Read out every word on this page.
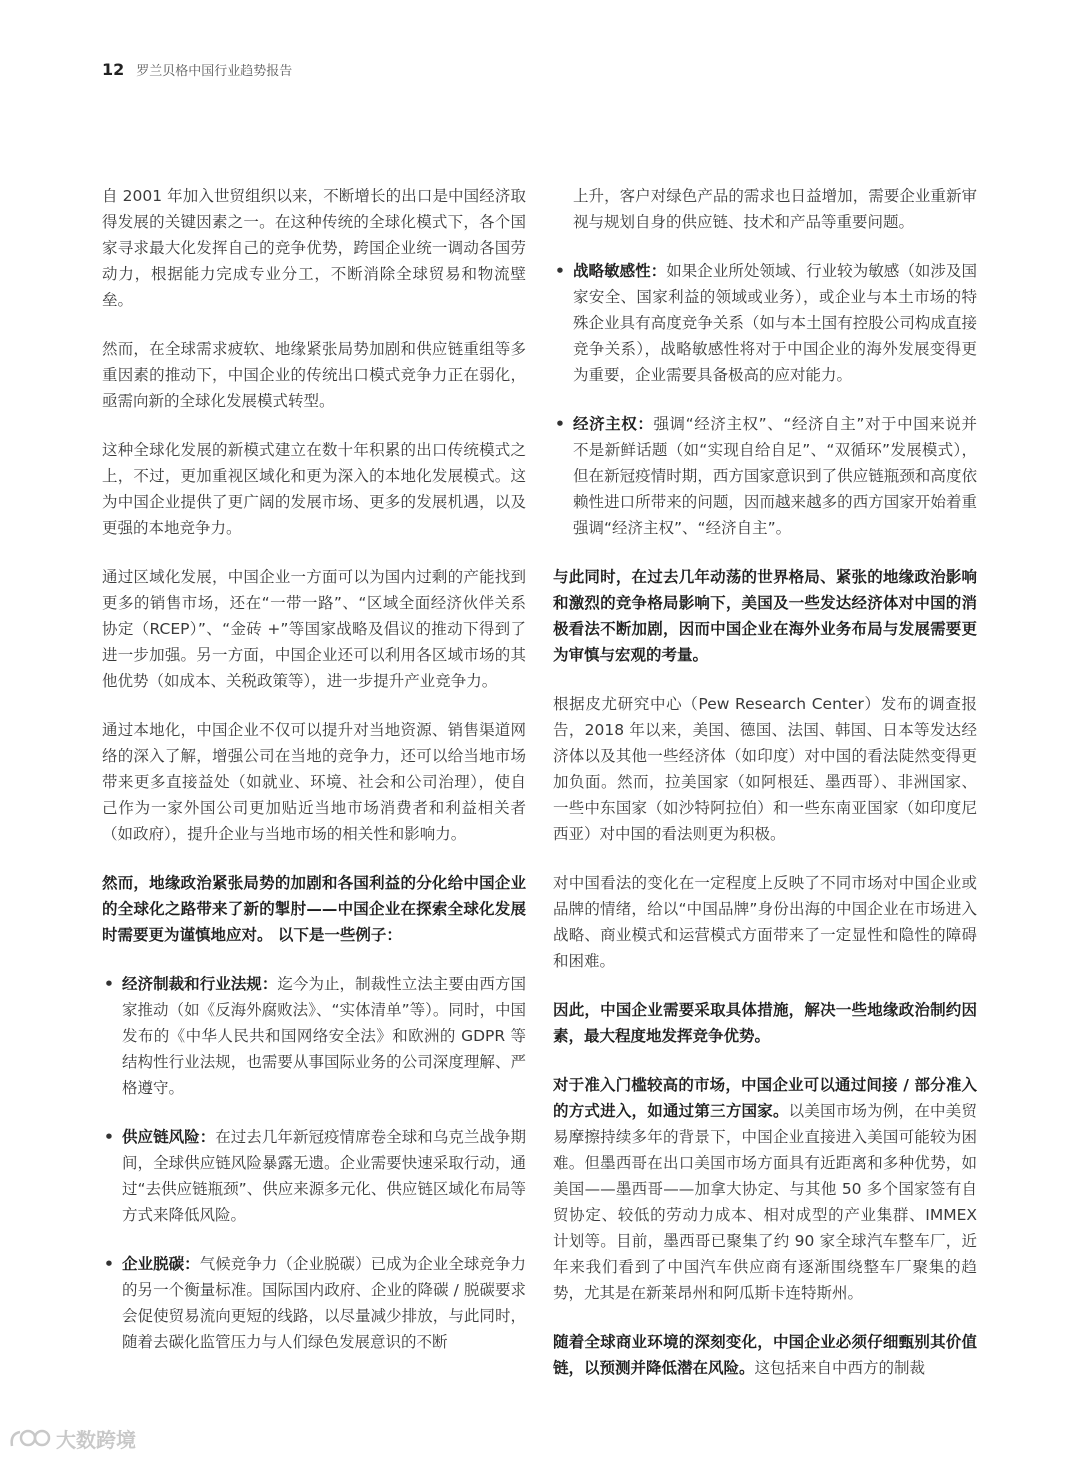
12 罗兰贝格中国行业趋势报告

自 2001 年加入世贸组织以来，不断增长的出口是中国经济取得发展的关键因素之一。在这种传统的全球化模式下，各个国家寻求最大化发挥自己的竞争优势，跨国企业统一调动各国劳动力，根据能力完成专业分工，不断消除全球贸易和物流壁垒。

然而，在全球需求疲软、地缘紧张局势加剧和供应链重组等多重因素的推动下，中国企业的传统出口模式竞争力正在弱化，亟需向新的全球化发展模式转型。

这种全球化发展的新模式建立在数十年积累的出口传统模式之上，不过，更加重视区域化和更为深入的本地化发展模式。这为中国企业提供了更广阔的发展市场、更多的发展机遇，以及更强的本地竞争力。

通过区域化发展，中国企业一方面可以为国内过剩的产能找到更多的销售市场，还在“一带一路”、“区域全面经济伙伴关系协定（RCEP）”、“金砖 +”等国家战略及倡议的推动下得到了进一步加强。另一方面，中国企业还可以利用各区域市场的其他优势（如成本、关税政策等），进一步提升产业竞争力。

通过本地化，中国企业不仅可以提升对当地资源、销售渠道网络的深入了解，增强公司在当地的竞争力，还可以给当地市场带来更多直接益处（如就业、环境、社会和公司治理），使自己作为一家外国公司更加贴近当地市场消费者和利益相关者（如政府），提升企业与当地市场的相关性和影响力。

然而，地缘政治紧张局势的加剧和各国利益的分化给中国企业的全球化之路带来了新的掣肘——中国企业在探索全球化发展时需要更为谨慎地应对。 以下是一些例子：

• 经济制裁和行业法规：迄今为止，制裁性立法主要由西方国家推动（如《反海外腐败法》、“实体清单”等）。同时，中国发布的《中华人民共和国网络安全法》和欧洲的 GDPR 等结构性行业法规，也需要从事国际业务的公司深度理解、严格遵守。
• 供应链风险：在过去几年新冠疫情席卷全球和乌克兰战争期间，全球供应链风险暴露无遗。企业需要快速采取行动，通过“去供应链瓶颈”、供应来源多元化、供应链区域化布局等方式来降低风险。
• 企业脱碳：气候竞争力（企业脱碳）已成为企业全球竞争力的另一个衡量标准。国际国内政府、企业的降碳 / 脱碳要求会促使贸易流向更短的线路，以尽量减少排放，与此同时，随着去碳化监管压力与人们绿色发展意识的不断

上升，客户对绿色产品的需求也日益增加，需要企业重新审视与规划自身的供应链、技术和产品等重要问题。

• 战略敏感性：如果企业所处领域、行业较为敏感（如涉及国家安全、国家利益的领域或业务），或企业与本土市场的特殊企业具有高度竞争关系（如与本土国有控股公司构成直接竞争关系），战略敏感性将对于中国企业的海外发展变得更为重要，企业需要具备极高的应对能力。
• 经济主权：强调“经济主权”、“经济自主”对于中国来说并不是新鲜话题（如“实现自给自足”、“双循环”发展模式），但在新冠疫情时期，西方国家意识到了供应链瓶颈和高度依赖性进口所带来的问题，因而越来越多的西方国家开始着重强调“经济主权”、“经济自主”。

与此同时，在过去几年动荡的世界格局、紧张的地缘政治影响和激烈的竞争格局影响下，美国及一些发达经济体对中国的消极看法不断加剧，因而中国企业在海外业务布局与发展需要更为审慎与宏观的考量。

根据皮尤研究中心（Pew Research Center）发布的调查报告，2018 年以来，美国、德国、法国、韩国、日本等发达经济体以及其他一些经济体（如印度）对中国的看法陡然变得更加负面。然而，拉美国家（如阿根廷、墨西哥）、非洲国家、一些中东国家（如沙特阿拉伯）和一些东南亚国家（如印度尼西亚）对中国的看法则更为积极。

对中国看法的变化在一定程度上反映了不同市场对中国企业或品牌的情绪，给以“中国品牌”身份出海的中国企业在市场进入战略、商业模式和运营模式方面带来了一定显性和隐性的障碍和困难。

因此，中国企业需要采取具体措施，解决一些地缘政治制约因素，最大程度地发挥竞争优势。

对于准入门槛较高的市场，中国企业可以通过间接 / 部分准入的方式进入，如通过第三方国家。以美国市场为例，在中美贸易摩擦持续多年的背景下，中国企业直接进入美国可能较为困难。但墨西哥在出口美国市场方面具有近距离和多种优势，如美国——墨西哥——加拿大协定、与其他 50 多个国家签有自贸协定、较低的劳动力成本、相对成型的产业集群、IMMEX 计划等。目前，墨西哥已聚集了约 90 家全球汽车整车厂，近年来我们看到了中国汽车供应商有逐渐围绕整车厂聚集的趋势，尤其是在新莱昂州和阿瓜斯卡连特斯州。

随着全球商业环境的深刻变化，中国企业必须仔细甄别其价值链，以预测并降低潜在风险。这包括来自中西方的制裁

大数跨境
